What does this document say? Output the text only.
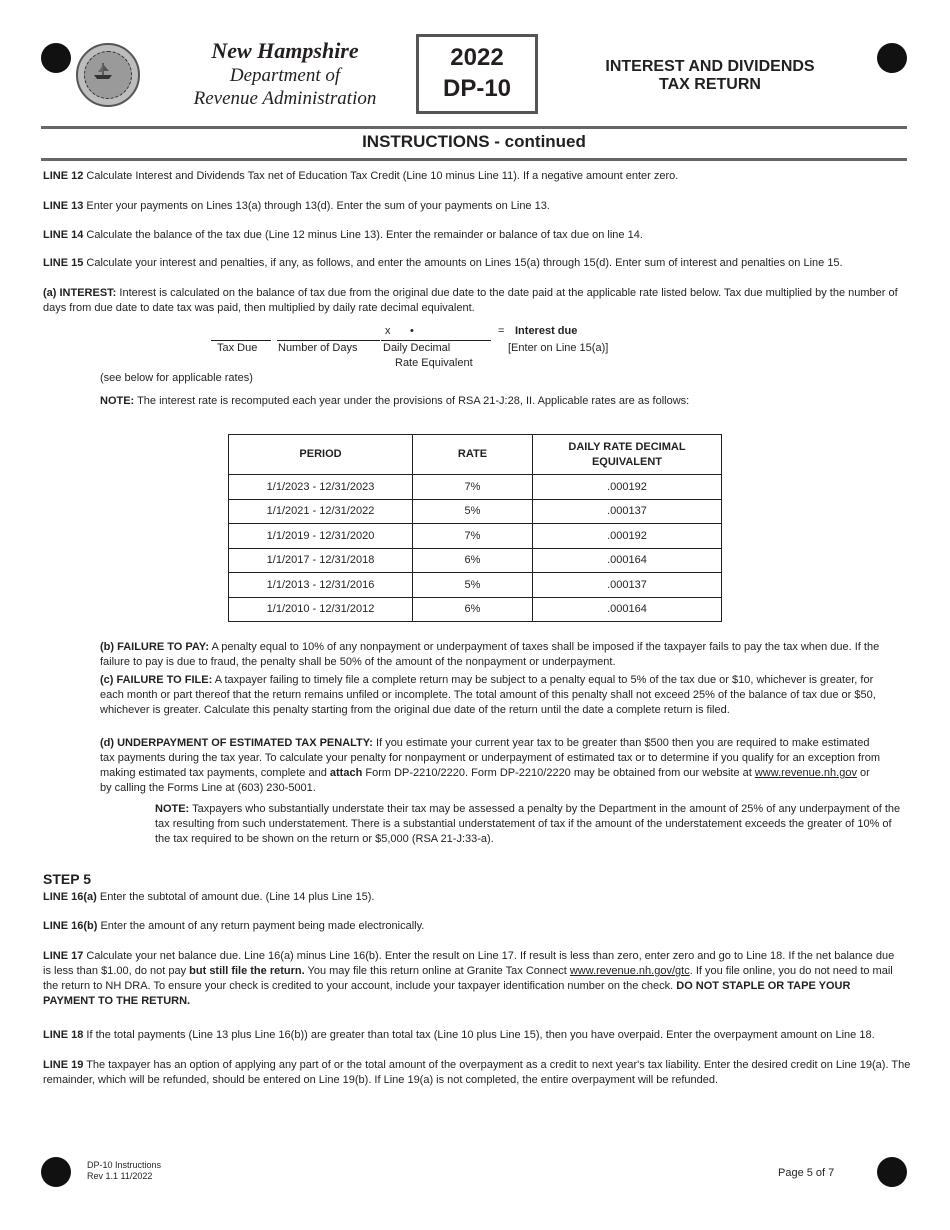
New Hampshire
Department of
Revenue Administration
2022
DP-10
INTEREST AND DIVIDENDS
TAX RETURN
INSTRUCTIONS - continued
LINE 12 Calculate Interest and Dividends Tax net of Education Tax Credit (Line 10 minus Line 11). If a negative amount enter zero.
LINE 13 Enter your payments on Lines 13(a) through 13(d). Enter the sum of your payments on Line 13.
LINE 14 Calculate the balance of the tax due (Line 12 minus Line 13). Enter the remainder or balance of tax due on line 14.
LINE 15 Calculate your interest and penalties, if any, as follows, and enter the amounts on Lines 15(a) through 15(d). Enter sum of interest and penalties on Line 15.
(a) INTEREST: Interest is calculated on the balance of tax due from the original due date to the date paid at the applicable rate listed below. Tax due multiplied by the number of days from due date to date tax was paid, then multiplied by daily rate decimal equivalent.
x •	= Interest due
Tax Due Number of Days Daily Decimal
Rate Equivalent
[Enter on Line 15(a)]
(see below for applicable rates)
NOTE: The interest rate is recomputed each year under the provisions of RSA 21-J:28, II. Applicable rates are as follows:
PERIOD	RATE	DAILY RATE DECIMAL EQUIVALENT

1/1/2023 - 12/31/2023	7%	.000192
1/1/2021 - 12/31/2022	5%	.000137
1/1/2019 - 12/31/2020	7%	.000192
1/1/2017 - 12/31/2018	6%	.000164
1/1/2013 - 12/31/2016	5%	.000137
1/1/2010 - 12/31/2012	6%	.000164
(b) FAILURE TO PAY: A penalty equal to 10% of any nonpayment or underpayment of taxes shall be imposed if the taxpayer fails to pay the tax when due. If the failure to pay is due to fraud, the penalty shall be 50% of the amount of the nonpayment or underpayment.
(c) FAILURE TO FILE: A taxpayer failing to timely file a complete return may be subject to a penalty equal to 5% of the tax due or $10, whichever is greater, for each month or part thereof that the return remains unfiled or incomplete. The total amount of this penalty shall not exceed 25% of the balance of tax due or $50, whichever is greater. Calculate this penalty starting from the original due date of the return until the date a complete return is filed.
(d) UNDERPAYMENT OF ESTIMATED TAX PENALTY: If you estimate your current year tax to be greater than $500 then you are required to make estimated tax payments during the tax year. To calculate your penalty for nonpayment or underpayment of estimated tax or to determine if you qualify for an exception from making estimated tax payments, complete and attach Form DP-2210/2220. Form DP-2210/2220 may be obtained from our website at www.revenue.nh.gov or by calling the Forms Line at (603) 230-5001.
NOTE: Taxpayers who substantially understate their tax may be assessed a penalty by the Department in the amount of 25% of any underpayment of the tax resulting from such understatement. There is a substantial understatement of tax if the amount of the understatement exceeds the greater of 10% of the tax required to be shown on the return or $5,000 (RSA 21-J:33-a).
STEP 5
LINE 16(a) Enter the subtotal of amount due. (Line 14 plus Line 15).
LINE 16(b) Enter the amount of any return payment being made electronically.
LINE 17 Calculate your net balance due. Line 16(a) minus Line 16(b). Enter the result on Line 17. If result is less than zero, enter zero and go to Line 18. If the net balance due is less than $1.00, do not pay but still file the return. You may file this return online at Granite Tax Connect www.revenue.nh.gov/gtc. If you file online, you do not need to mail the return to NH DRA. To ensure your check is credited to your account, include your taxpayer identification number on the check. DO NOT STAPLE OR TAPE YOUR PAYMENT TO THE RETURN.
LINE 18 If the total payments (Line 13 plus Line 16(b)) are greater than total tax (Line 10 plus Line 15), then you have overpaid. Enter the overpayment amount on Line 18.
LINE 19 The taxpayer has an option of applying any part of or the total amount of the overpayment as a credit to next year's tax liability. Enter the desired credit on Line 19(a). The remainder, which will be refunded, should be entered on Line 19(b). If Line 19(a) is not completed, the entire overpayment will be refunded.
DP-10 Instructions
Rev 1.1 11/2022	Page 5 of 7
